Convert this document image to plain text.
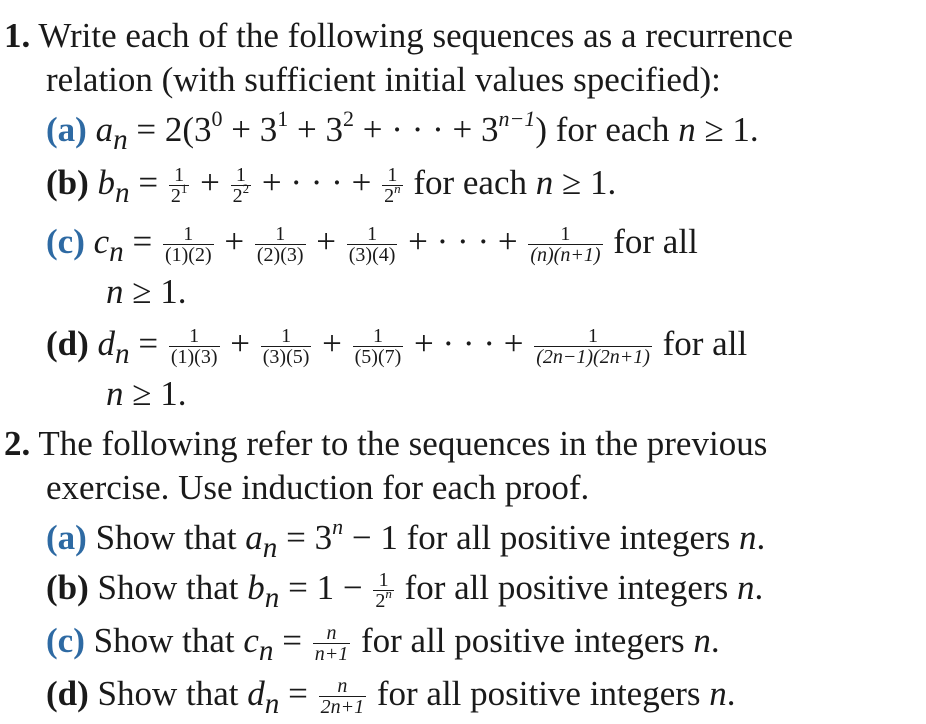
1. Write each of the following sequences as a recurrence
relation (with sufficient initial values specified):
(a) $a_n = 2(3^0 + 3^1 + 3^2$ + · · · + $3^{n-1}$) for each n ≥ 1.
(b) $b_n = \frac{1}{2^1} + \frac{1}{2^2}$ + · · · + $\frac{1}{2^n}$ for each n ≥ 1.
(c) $c_n = \frac{1}{(1)(2)} + \frac{1}{(2)(3)} + \frac{1}{(3)(4)}$ + · · · + $\frac{1}{(n)(n+1)}$ for all
n ≥ 1.
(d) $d_n = \frac{1}{(1)(3)} + \frac{1}{(3)(5)} + \frac{1}{(5)(7)}$ + · · · + $\frac{1}{(2n-1)(2n+1)}$ for all
n ≥ 1.
2. The following refer to the sequences in the previous
exercise. Use induction for each proof.
(a) Show that $a_n = 3^n - 1$ for all positive integers n.
(b) Show that $b_n = 1 - \frac{1}{2^n}$ for all positive integers n.
(c) Show that $c_n = \frac{n}{n+1}$ for all positive integers n.
(d) Show that $d_n = \frac{n}{2n+1}$ for all positive integers n.
